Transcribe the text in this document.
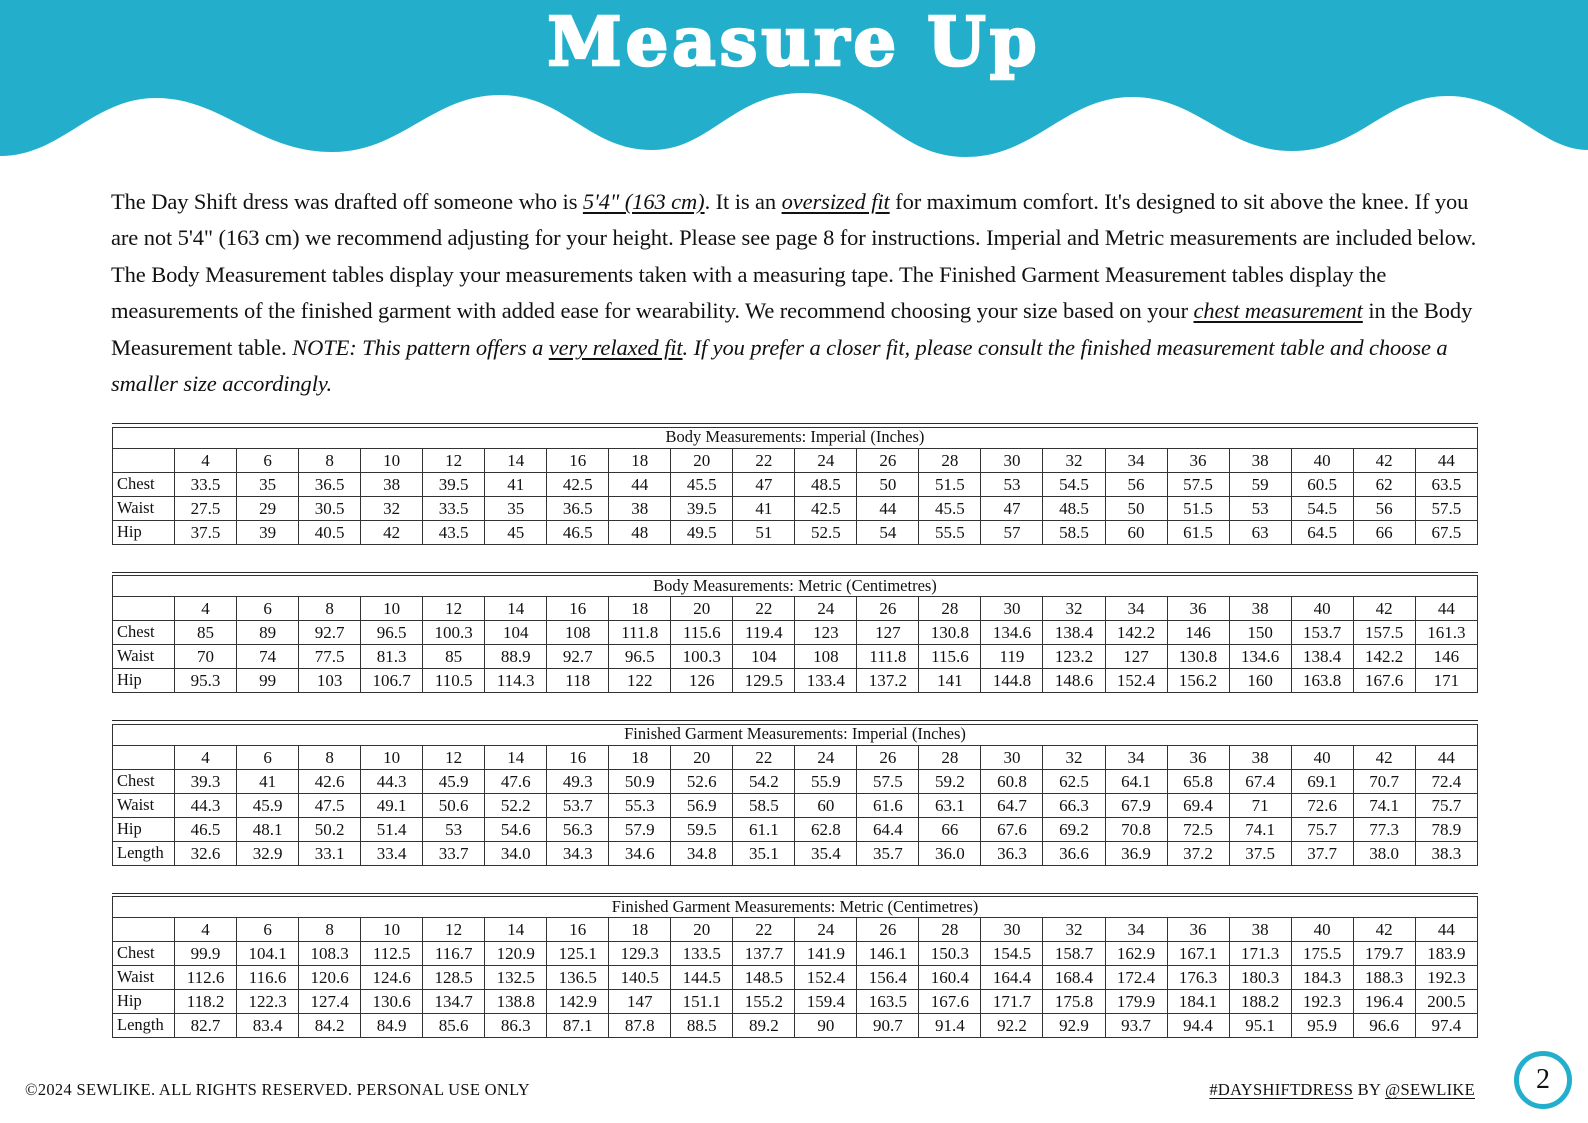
Measure Up

The Day Shift dress was drafted off someone who is 5'4" (163 cm). It is an oversized fit for maximum comfort. It's designed to sit above the knee. If you are not 5'4" (163 cm) we recommend adjusting for your height. Please see page 8 for instructions. Imperial and Metric measurements are included below. The Body Measurement tables display your measurements taken with a measuring tape. The Finished Garment Measurement tables display the measurements of the finished garment with added ease for wearability. We recommend choosing your size based on your chest measurement in the Body Measurement table. NOTE: This pattern offers a very relaxed fit. If you prefer a closer fit, please consult the finished measurement table and choose a smaller size accordingly.

Body Measurements: Imperial (Inches)																					
	4	6	8	10	12	14	16	18	20	22	24	26	28	30	32	34	36	38	40	42	44
Chest	33.5	35	36.5	38	39.5	41	42.5	44	45.5	47	48.5	50	51.5	53	54.5	56	57.5	59	60.5	62	63.5
Waist	27.5	29	30.5	32	33.5	35	36.5	38	39.5	41	42.5	44	45.5	47	48.5	50	51.5	53	54.5	56	57.5
Hip	37.5	39	40.5	42	43.5	45	46.5	48	49.5	51	52.5	54	55.5	57	58.5	60	61.5	63	64.5	66	67.5
Body Measurements: Metric (Centimetres)																					
	4	6	8	10	12	14	16	18	20	22	24	26	28	30	32	34	36	38	40	42	44
Chest	85	89	92.7	96.5	100.3	104	108	111.8	115.6	119.4	123	127	130.8	134.6	138.4	142.2	146	150	153.7	157.5	161.3
Waist	70	74	77.5	81.3	85	88.9	92.7	96.5	100.3	104	108	111.8	115.6	119	123.2	127	130.8	134.6	138.4	142.2	146
Hip	95.3	99	103	106.7	110.5	114.3	118	122	126	129.5	133.4	137.2	141	144.8	148.6	152.4	156.2	160	163.8	167.6	171
Finished Garment Measurements: Imperial (Inches)																					
	4	6	8	10	12	14	16	18	20	22	24	26	28	30	32	34	36	38	40	42	44
Chest	39.3	41	42.6	44.3	45.9	47.6	49.3	50.9	52.6	54.2	55.9	57.5	59.2	60.8	62.5	64.1	65.8	67.4	69.1	70.7	72.4
Waist	44.3	45.9	47.5	49.1	50.6	52.2	53.7	55.3	56.9	58.5	60	61.6	63.1	64.7	66.3	67.9	69.4	71	72.6	74.1	75.7
Hip	46.5	48.1	50.2	51.4	53	54.6	56.3	57.9	59.5	61.1	62.8	64.4	66	67.6	69.2	70.8	72.5	74.1	75.7	77.3	78.9
Length	32.6	32.9	33.1	33.4	33.7	34.0	34.3	34.6	34.8	35.1	35.4	35.7	36.0	36.3	36.6	36.9	37.2	37.5	37.7	38.0	38.3
Finished Garment Measurements: Metric (Centimetres)																					
	4	6	8	10	12	14	16	18	20	22	24	26	28	30	32	34	36	38	40	42	44
Chest	99.9	104.1	108.3	112.5	116.7	120.9	125.1	129.3	133.5	137.7	141.9	146.1	150.3	154.5	158.7	162.9	167.1	171.3	175.5	179.7	183.9
Waist	112.6	116.6	120.6	124.6	128.5	132.5	136.5	140.5	144.5	148.5	152.4	156.4	160.4	164.4	168.4	172.4	176.3	180.3	184.3	188.3	192.3
Hip	118.2	122.3	127.4	130.6	134.7	138.8	142.9	147	151.1	155.2	159.4	163.5	167.6	171.7	175.8	179.9	184.1	188.2	192.3	196.4	200.5
Length	82.7	83.4	84.2	84.9	85.6	86.3	87.1	87.8	88.5	89.2	90	90.7	91.4	92.2	92.9	93.7	94.4	95.1	95.9	96.6	97.4
©2024 SEWLIKE. ALL RIGHTS RESERVED. PERSONAL USE ONLY	#DAYSHIFTDRESS BY @SEWLIKE 2
